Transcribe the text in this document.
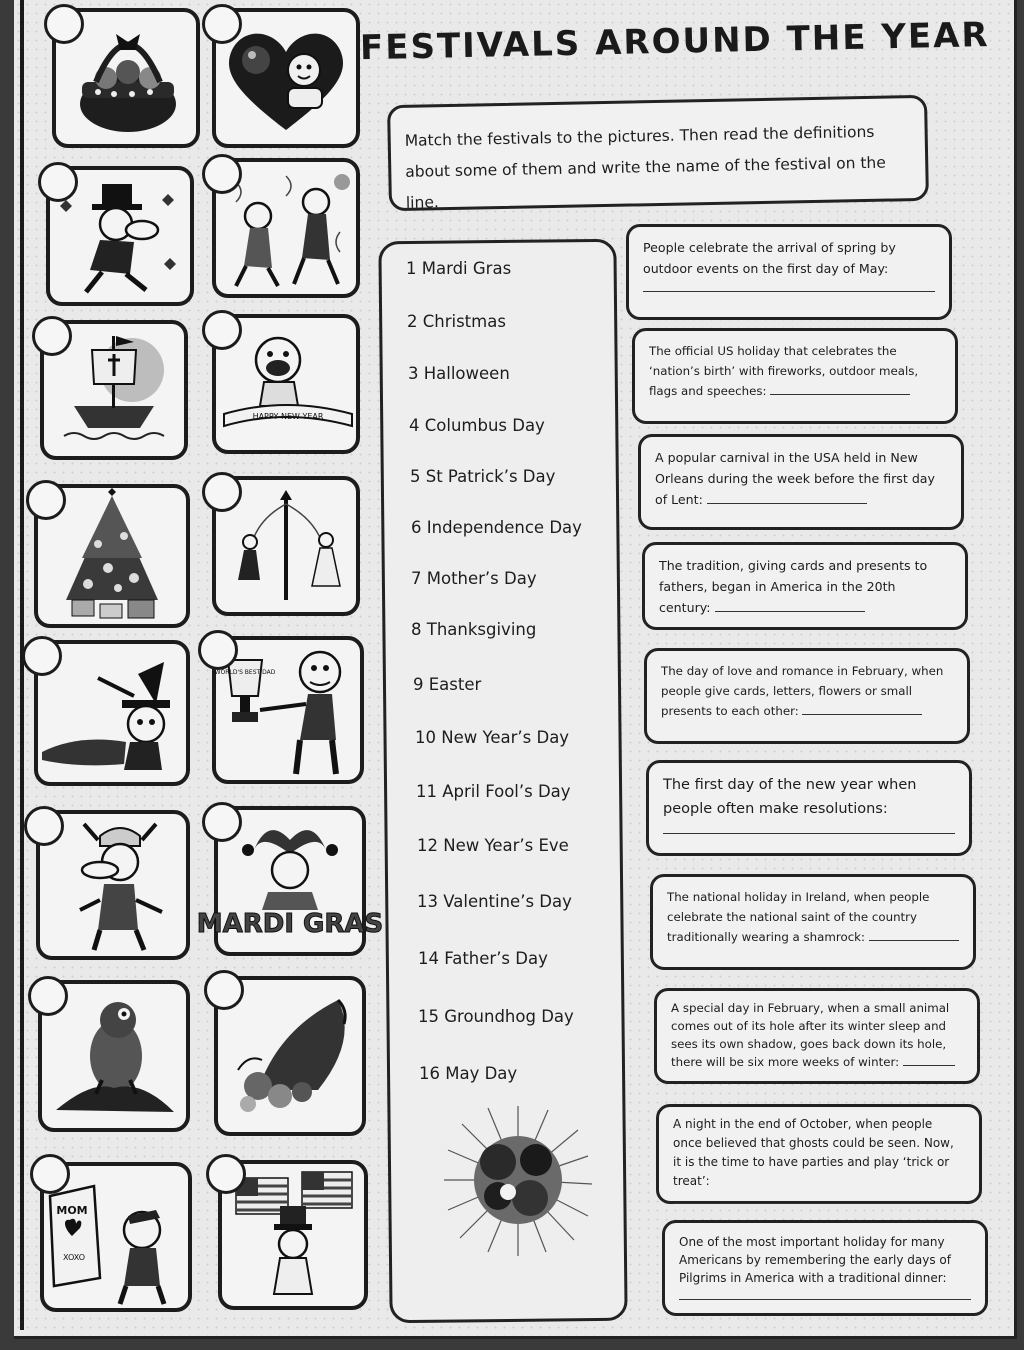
FESTIVALS AROUND THE YEAR
Match the festivals to the pictures. Then read the definitions about some of them and write the name of the festival on the line.
HAPPY NEW YEAR
WORLD'S BEST DAD
MARDI GRAS
MOM
XOXO
1 Mardi Gras
2 Christmas
3 Halloween
4 Columbus Day
5 St Patrick’s Day
6 Independence Day
7 Mother’s Day
8 Thanksgiving
9 Easter
10 New Year’s Day
11 April Fool’s Day
12 New Year’s Eve
13 Valentine’s Day
14 Father’s Day
15 Groundhog Day
16 May Day
People celebrate the arrival of spring by outdoor events on the first day of May:
The official US holiday that celebrates the ‘nation’s birth’ with fireworks, outdoor meals, flags and speeches:
A popular carnival in the USA held in New Orleans during the week before the first day of Lent:
The tradition, giving cards and presents to fathers, began in America in the 20th century:
The day of love and romance in February, when people give cards, letters, flowers or small presents to each other:
The first day of the new year when people often make resolutions:
The national holiday in Ireland, when people celebrate the national saint of the country traditionally wearing a shamrock:
A special day in February, when a small animal comes out of its hole after its winter sleep and sees its own shadow, goes back down its hole, there will be six more weeks of winter:
A night in the end of October, when people once believed that ghosts could be seen. Now, it is the time to have parties and play ‘trick or treat’:
One of the most important holiday for many Americans by remembering the early days of Pilgrims in America with a traditional dinner:
